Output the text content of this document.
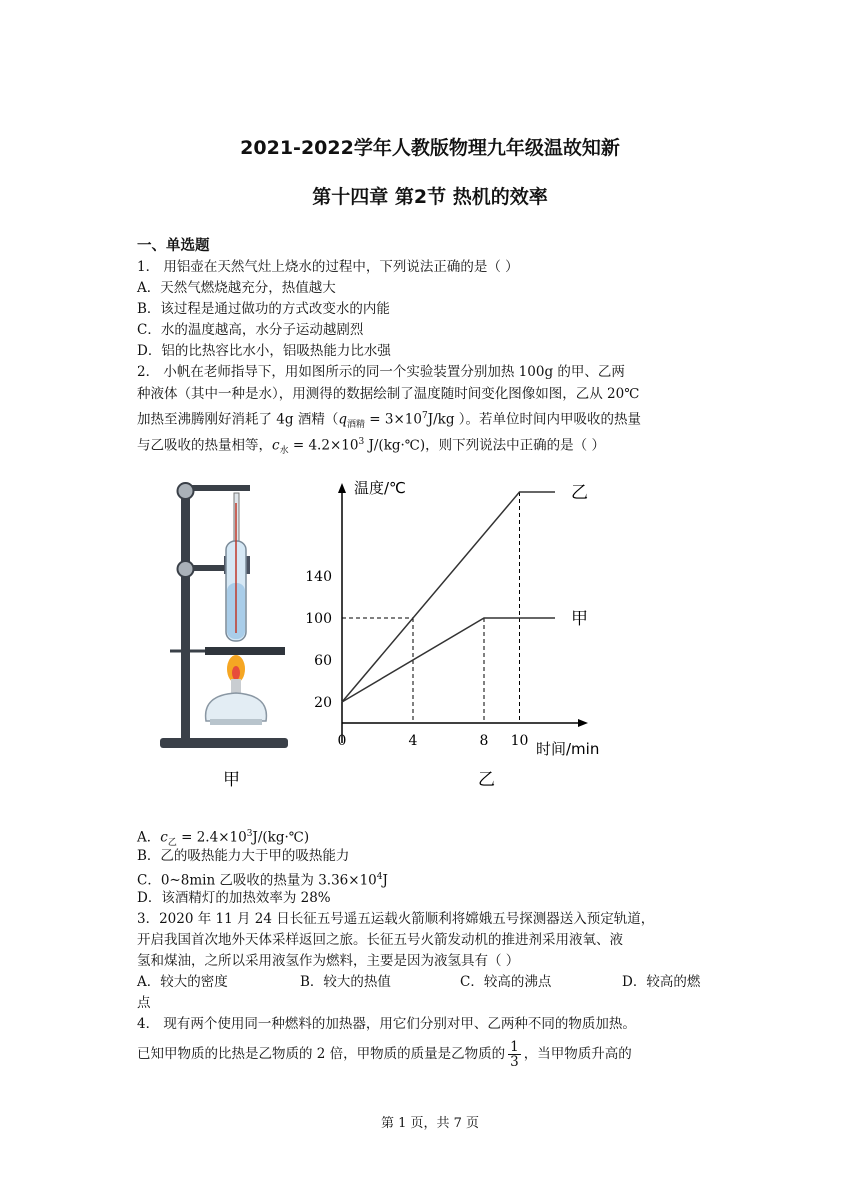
2021-2022学年人教版物理九年级温故知新
第十四章 第2节 热机的效率
一、单选题
1． 用铝壶在天然气灶上烧水的过程中，下列说法正确的是（ ）
A．天然气燃烧越充分，热值越大
B．该过程是通过做功的方式改变水的内能
C．水的温度越高，水分子运动越剧烈
D．铝的比热容比水小，铝吸热能力比水强
2． 小帆在老师指导下，用如图所示的同一个实验装置分别加热 100g 的甲、乙两
种液体（其中一种是水），用测得的数据绘制了温度随时间变化图像如图，乙从 20℃
加热至沸腾刚好消耗了 4g 酒精（$q_{酒精} = 3\times 10^7J/kg$ ）。若单位时间内甲吸收的热量
与乙吸收的热量相等，$c_水 = 4.2\times 10^3$ J/(kg·℃)，则下列说法中正确的是（ ）
甲
温度/℃
时间/min
20
60
100
140
0	4	8 10
乙
甲
乙
A．$c_乙$ = $2.4\times 10^3J/(kg\cdot℃)$
B．乙的吸热能力大于甲的吸热能力
C．0~8min 乙吸收的热量为 $3.36\times 10^4J$
D．该酒精灯的加热效率为 28%
3．2020 年 11 月 24 日长征五号遥五运载火箭顺利将嫦娥五号探测器送入预定轨道，
开启我国首次地外天体采样返回之旅。长征五号火箭发动机的推进剂采用液氧、液
氢和煤油，之所以采用液氢作为燃料，主要是因为液氢具有（ ）
A．较大的密度	B．较大的热值	C．较高的沸点	D．较高的燃
点
4． 现有两个使用同一种燃料的加热器，用它们分别对甲、乙两种不同的物质加热。
已知甲物质的比热是乙物质的 2 倍，甲物质的质量是乙物质的 $\frac{1}{3}$ ，当甲物质升高的
第 1 页，共 7 页
